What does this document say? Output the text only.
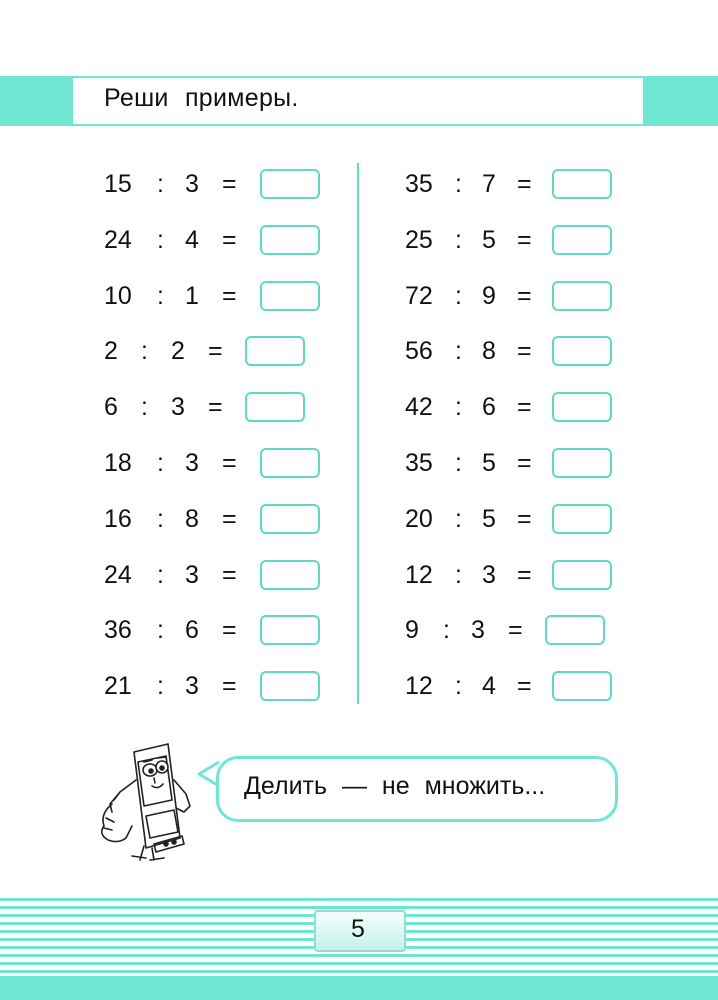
Реши примеры.
15 : 3 =
24 : 4 =
10 : 1 =
2 : 2 =
6 : 3 =
18 : 3 =
16 : 8 =
24 : 3 =
36 : 6 =
21 : 3 =
35 : 7 =
25 : 5 =
72 : 9 =
56 : 8 =
42 : 6 =
35 : 5 =
20 : 5 =
12 : 3 =
9 : 3 =
12 : 4 =
Делить — не множить...
5
